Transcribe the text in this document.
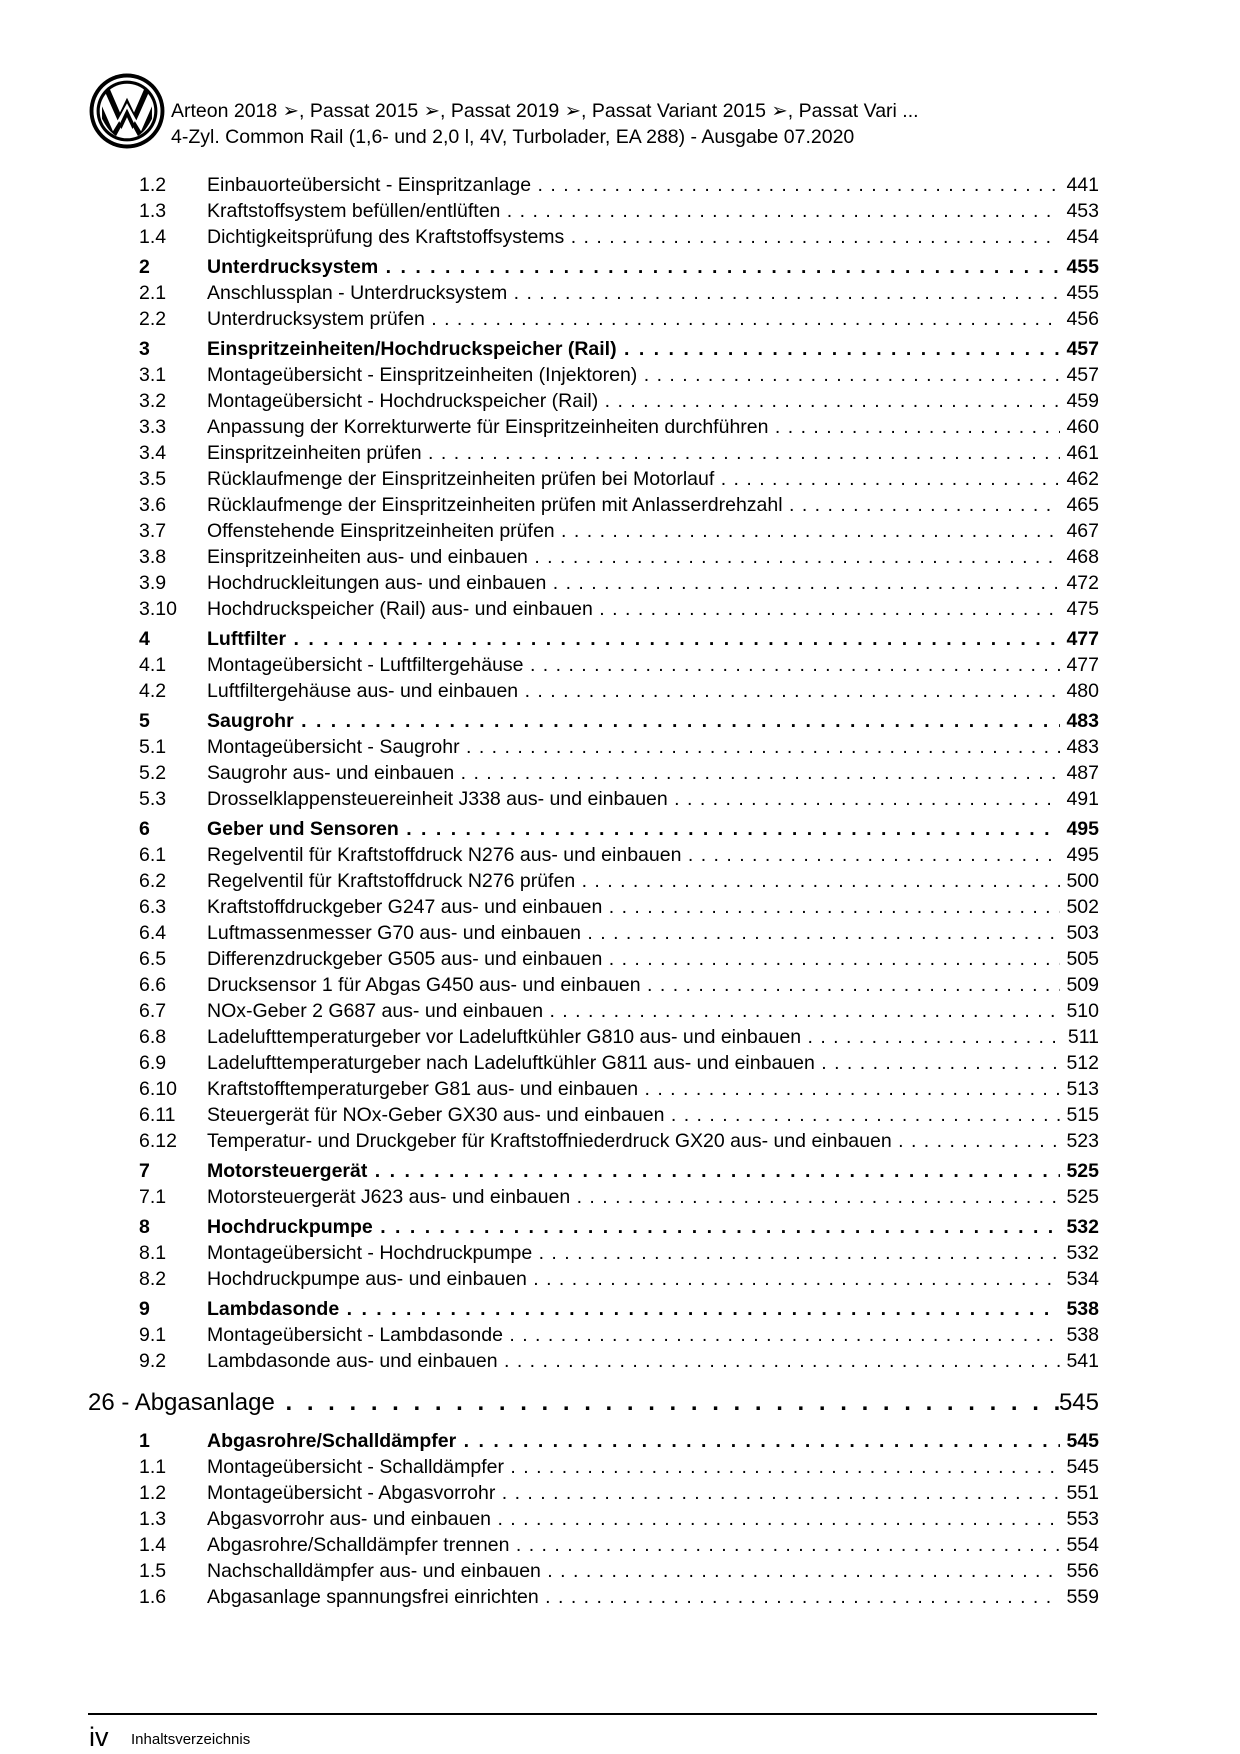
Arteon 2018 ➢, Passat 2015 ➢, Passat 2019 ➢, Passat Variant 2015 ➢, Passat Vari ...
4-Zyl. Common Rail (1,6- und 2,0 l, 4V, Turbolader, EA 288) - Ausgabe 07.2020
1.2 Einbauorteübersicht - Einspritzanlage . . .	441
1.3 Kraftstoffsystem befüllen/entlüften . . .	453
1.4 Dichtigkeitsprüfung des Kraftstoffsystems . . .	454
2	Unterdrucksystem . . .	455
2.1 Anschlussplan - Unterdrucksystem . . .	455
2.2 Unterdrucksystem prüfen . . .	456
3	Einspritzeinheiten/Hochdruckspeicher (Rail) . . .	457
3.1 Montageübersicht - Einspritzeinheiten (Injektoren) . . .	457
3.2 Montageübersicht - Hochdruckspeicher (Rail) . . .	459
3.3 Anpassung der Korrekturwerte für Einspritzeinheiten durchführen . . .	460
3.4 Einspritzeinheiten prüfen . . .	461
3.5 Rücklaufmenge der Einspritzeinheiten prüfen bei Motorlauf . . .	462
3.6 Rücklaufmenge der Einspritzeinheiten prüfen mit Anlasserdrehzahl . . .	465
3.7 Offenstehende Einspritzeinheiten prüfen . . .	467
3.8 Einspritzeinheiten aus- und einbauen . . .	468
3.9 Hochdruckleitungen aus- und einbauen . . .	472
3.10 Hochdruckspeicher (Rail) aus- und einbauen . . .	475
4	Luftfilter . . .	477
4.1 Montageübersicht - Luftfiltergehäuse . . .	477
4.2 Luftfiltergehäuse aus- und einbauen . . .	480
5	Saugrohr . . .	483
5.1 Montageübersicht - Saugrohr . . .	483
5.2 Saugrohr aus- und einbauen . . .	487
5.3 Drosselklappensteuereinheit J338 aus- und einbauen . . .	491
6	Geber und Sensoren . . .	495
6.1 Regelventil für Kraftstoffdruck N276 aus- und einbauen . . .	495
6.2 Regelventil für Kraftstoffdruck N276 prüfen . . .	500
6.3 Kraftstoffdruckgeber G247 aus- und einbauen . . .	502
6.4 Luftmassenmesser G70 aus- und einbauen . . .	503
6.5 Differenzdruckgeber G505 aus- und einbauen . . .	505
6.6 Drucksensor 1 für Abgas G450 aus- und einbauen . . .	509
6.7 NOx-Geber 2 G687 aus- und einbauen . . .	510
6.8 Ladelufttemperaturgeber vor Ladeluftkühler G810 aus- und einbauen . . .	511
6.9 Ladelufttemperaturgeber nach Ladeluftkühler G811 aus- und einbauen . . .	512
6.10 Kraftstofftemperaturgeber G81 aus- und einbauen . . .	513
6.11 Steuergerät für NOx-Geber GX30 aus- und einbauen . . .	515
6.12 Temperatur- und Druckgeber für Kraftstoffniederdruck GX20 aus- und einbauen . . .	523
7	Motorsteuergerät . . .	525
7.1 Motorsteuergerät J623 aus- und einbauen . . .	525
8	Hochdruckpumpe . . .	532
8.1 Montageübersicht - Hochdruckpumpe . . .	532
8.2 Hochdruckpumpe aus- und einbauen . . .	534
9	Lambdasonde . . .	538
9.1 Montageübersicht - Lambdasonde . . .	538
9.2 Lambdasonde aus- und einbauen . . .	541
26 - Abgasanlage . . .	545
1	Abgasrohre/Schalldämpfer . . .	545
1.1 Montageübersicht - Schalldämpfer . . .	545
1.2 Montageübersicht - Abgasvorrohr . . .	551
1.3 Abgasvorrohr aus- und einbauen . . .	553
1.4 Abgasrohre/Schalldämpfer trennen . . .	554
1.5 Nachschalldämpfer aus- und einbauen . . .	556
1.6 Abgasanlage spannungsfrei einrichten . . .	559
iv Inhaltsverzeichnis
